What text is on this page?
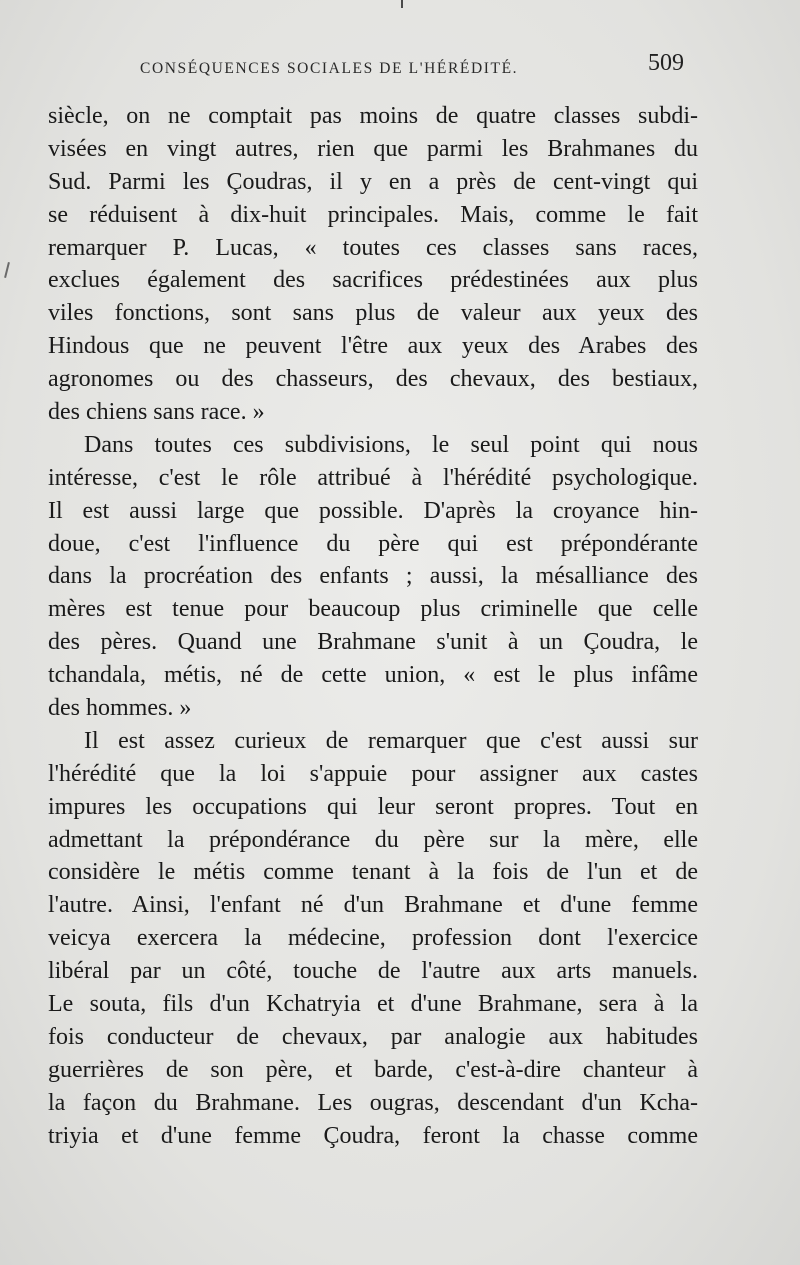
CONSÉQUENCES SOCIALES DE L'HÉRÉDITÉ.	509
siècle, on ne comptait pas moins de quatre classes subdi-
visées en vingt autres, rien que parmi les Brahmanes du
Sud. Parmi les Çoudras, il y en a près de cent-vingt qui
se réduisent à dix-huit principales. Mais, comme le fait
remarquer P. Lucas, « toutes ces classes sans races,
exclues également des sacrifices prédestinées aux plus
viles fonctions, sont sans plus de valeur aux yeux des
Hindous que ne peuvent l'être aux yeux des Arabes des
agronomes ou des chasseurs, des chevaux, des bestiaux,
des chiens sans race. »
Dans toutes ces subdivisions, le seul point qui nous
intéresse, c'est le rôle attribué à l'hérédité psychologique.
Il est aussi large que possible. D'après la croyance hin-
doue, c'est l'influence du père qui est prépondérante
dans la procréation des enfants ; aussi, la mésalliance des
mères est tenue pour beaucoup plus criminelle que celle
des pères. Quand une Brahmane s'unit à un Çoudra, le
tchandala, métis, né de cette union, « est le plus infâme
des hommes. »
Il est assez curieux de remarquer que c'est aussi sur
l'hérédité que la loi s'appuie pour assigner aux castes
impures les occupations qui leur seront propres. Tout en
admettant la prépondérance du père sur la mère, elle
considère le métis comme tenant à la fois de l'un et de
l'autre. Ainsi, l'enfant né d'un Brahmane et d'une femme
veicya exercera la médecine, profession dont l'exercice
libéral par un côté, touche de l'autre aux arts manuels.
Le souta, fils d'un Kchatryia et d'une Brahmane, sera à la
fois conducteur de chevaux, par analogie aux habitudes
guerrières de son père, et barde, c'est-à-dire chanteur à
la façon du Brahmane. Les ougras, descendant d'un Kcha-
triyia et d'une femme Çoudra, feront la chasse comme
